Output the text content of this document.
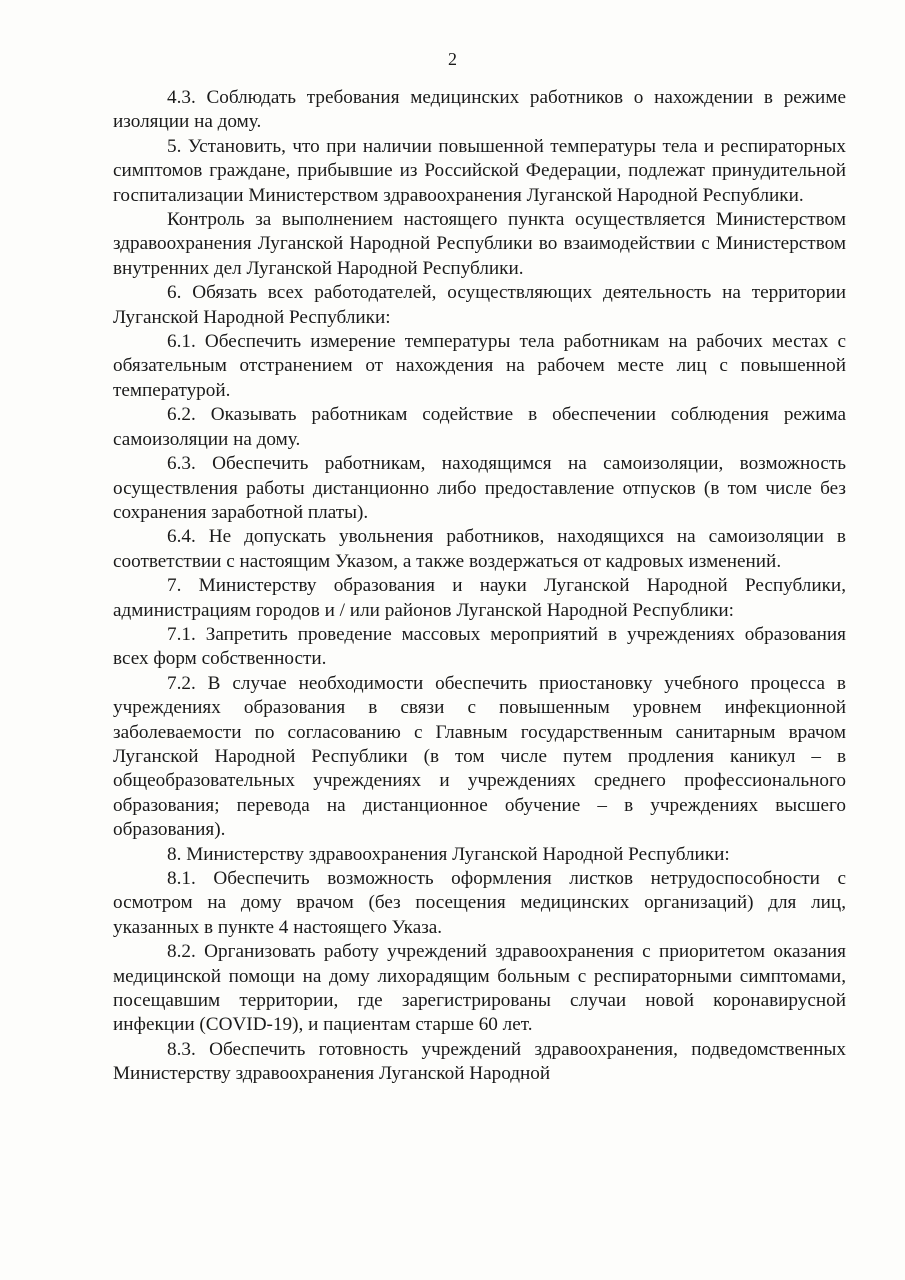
2

4.3. Соблюдать требования медицинских работников о нахождении в режиме изоляции на дому.

5. Установить, что при наличии повышенной температуры тела и респираторных симптомов граждане, прибывшие из Российской Федерации, подлежат принудительной госпитализации Министерством здравоохранения Луганской Народной Республики.

Контроль за выполнением настоящего пункта осуществляется Министерством здравоохранения Луганской Народной Республики во взаимодействии с Министерством внутренних дел Луганской Народной Республики.

6. Обязать всех работодателей, осуществляющих деятельность на территории Луганской Народной Республики:

6.1. Обеспечить измерение температуры тела работникам на рабочих местах с обязательным отстранением от нахождения на рабочем месте лиц с повышенной температурой.

6.2. Оказывать работникам содействие в обеспечении соблюдения режима самоизоляции на дому.

6.3. Обеспечить работникам, находящимся на самоизоляции, возможность осуществления работы дистанционно либо предоставление отпусков (в том числе без сохранения заработной платы).

6.4. Не допускать увольнения работников, находящихся на самоизоляции в соответствии с настоящим Указом, а также воздержаться от кадровых изменений.

7. Министерству образования и науки Луганской Народной Республики, администрациям городов и / или районов Луганской Народной Республики:

7.1. Запретить проведение массовых мероприятий в учреждениях образования всех форм собственности.

7.2. В случае необходимости обеспечить приостановку учебного процесса в учреждениях образования в связи с повышенным уровнем инфекционной заболеваемости по согласованию с Главным государственным санитарным врачом Луганской Народной Республики (в том числе путем продления каникул – в общеобразовательных учреждениях и учреждениях среднего профессионального образования; перевода на дистанционное обучение – в учреждениях высшего образования).

8. Министерству здравоохранения Луганской Народной Республики:

8.1. Обеспечить возможность оформления листков нетрудоспособности с осмотром на дому врачом (без посещения медицинских организаций) для лиц, указанных в пункте 4 настоящего Указа.

8.2. Организовать работу учреждений здравоохранения с приоритетом оказания медицинской помощи на дому лихорадящим больным с респираторными симптомами, посещавшим территории, где зарегистрированы случаи новой коронавирусной инфекции (COVID-19), и пациентам старше 60 лет.

8.3. Обеспечить готовность учреждений здравоохранения, подведомственных Министерству здравоохранения Луганской Народной
